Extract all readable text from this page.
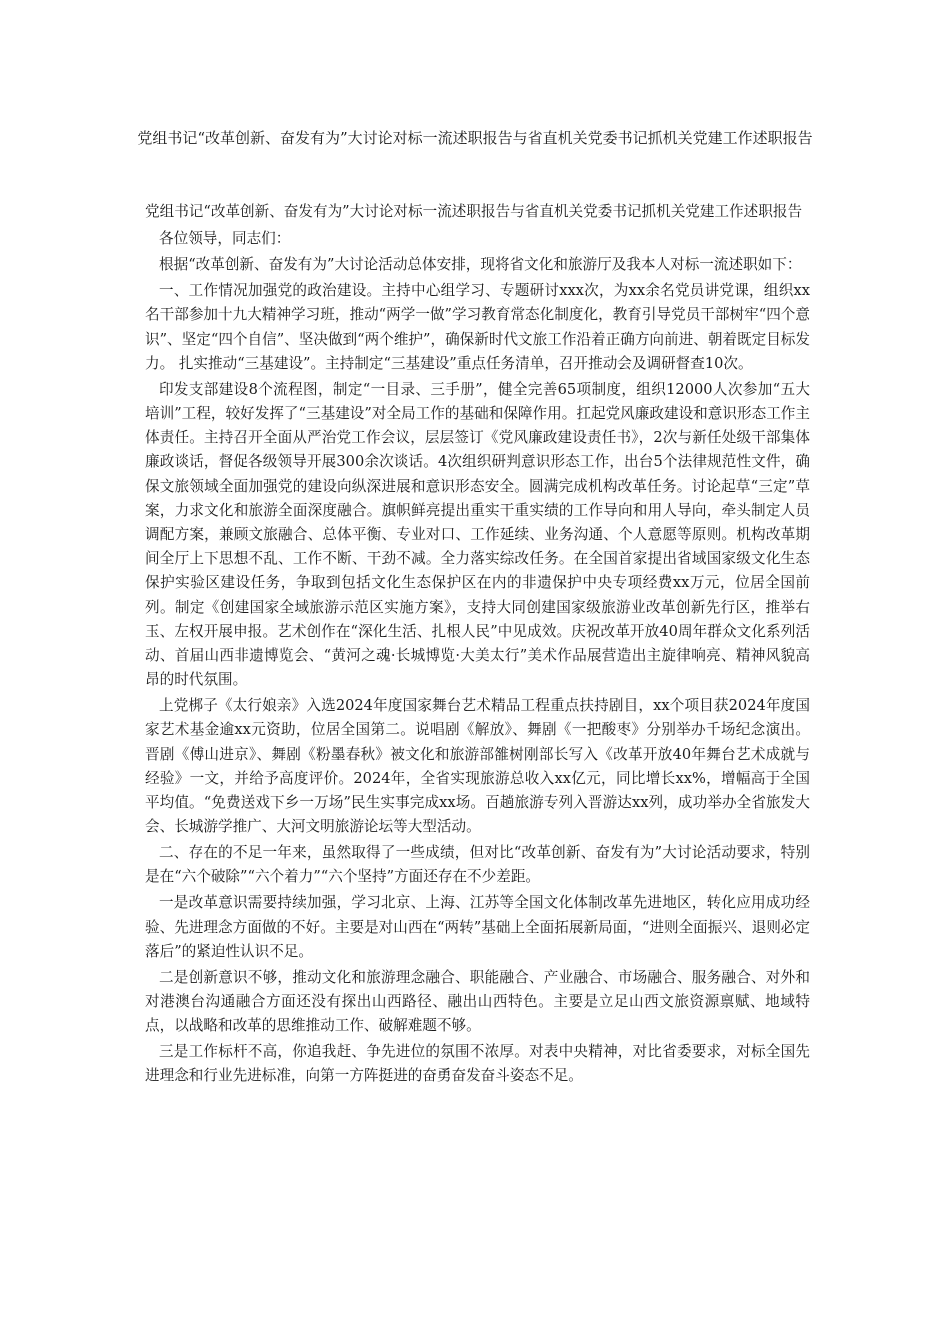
党组书记“改革创新、奋发有为”大讨论对标一流述职报告与省直机关党委书记抓机关党建工作述职报告

党组书记“改革创新、奋发有为”大讨论对标一流述职报告与省直机关党委书记抓机关党建工作述职报告

各位领导，同志们：

根据“改革创新、奋发有为”大讨论活动总体安排，现将省文化和旅游厅及我本人对标一流述职如下：

一、工作情况加强党的政治建设。主持中心组学习、专题研讨xxx次，为xx余名党员讲党课，组织xx名干部参加十九大精神学习班，推动“两学一做”学习教育常态化制度化，教育引导党员干部树牢“四个意识”、坚定“四个自信”、坚决做到“两个维护”，确保新时代文旅工作沿着正确方向前进、朝着既定目标发力。 扎实推动“三基建设”。主持制定“三基建设”重点任务清单，召开推动会及调研督查10次。

印发支部建设8个流程图，制定“一目录、三手册”，健全完善65项制度，组织12000人次参加“五大培训”工程，较好发挥了“三基建设”对全局工作的基础和保障作用。扛起党风廉政建设和意识形态工作主体责任。主持召开全面从严治党工作会议，层层签订《党风廉政建设责任书》，2次与新任处级干部集体廉政谈话，督促各级领导开展300余次谈话。4次组织研判意识形态工作，出台5个法律规范性文件，确保文旅领域全面加强党的建设向纵深进展和意识形态安全。圆满完成机构改革任务。讨论起草“三定”草案，力求文化和旅游全面深度融合。旗帜鲜亮提出重实干重实绩的工作导向和用人导向，牵头制定人员调配方案，兼顾文旅融合、总体平衡、专业对口、工作延续、业务沟通、个人意愿等原则。机构改革期间全厅上下思想不乱、工作不断、干劲不减。全力落实综改任务。在全国首家提出省域国家级文化生态保护实验区建设任务，争取到包括文化生态保护区在内的非遗保护中央专项经费xx万元，位居全国前列。制定《创建国家全域旅游示范区实施方案》，支持大同创建国家级旅游业改革创新先行区，推举右玉、左权开展申报。艺术创作在“深化生活、扎根人民”中见成效。庆祝改革开放40周年群众文化系列活动、首届山西非遗博览会、“黄河之魂·长城博览·大美太行”美术作品展营造出主旋律响亮、精神风貌高昂的时代氛围。

上党梆子《太行娘亲》入选2024年度国家舞台艺术精品工程重点扶持剧目，xx个项目获2024年度国家艺术基金逾xx元资助，位居全国第二。说唱剧《解放》、舞剧《一把酸枣》分别举办千场纪念演出。晋剧《傅山进京》、舞剧《粉墨春秋》被文化和旅游部雒树刚部长写入《改革开放40年舞台艺术成就与经验》一文，并给予高度评价。2024年，全省实现旅游总收入xx亿元，同比增长xx%，增幅高于全国平均值。“免费送戏下乡一万场”民生实事完成xx场。百趟旅游专列入晋游达xx列，成功举办全省旅发大会、长城游学推广、大河文明旅游论坛等大型活动。

二、存在的不足一年来，虽然取得了一些成绩，但对比“改革创新、奋发有为”大讨论活动要求，特别是在“六个破除”“六个着力”“六个坚持”方面还存在不少差距。

一是改革意识需要持续加强，学习北京、上海、江苏等全国文化体制改革先进地区，转化应用成功经验、先进理念方面做的不好。主要是对山西在“两转”基础上全面拓展新局面，“进则全面振兴、退则必定落后”的紧迫性认识不足。

二是创新意识不够，推动文化和旅游理念融合、职能融合、产业融合、市场融合、服务融合、对外和对港澳台沟通融合方面还没有探出山西路径、融出山西特色。主要是立足山西文旅资源禀赋、地域特点，以战略和改革的思维推动工作、破解难题不够。

三是工作标杆不高，你追我赶、争先进位的氛围不浓厚。对表中央精神，对比省委要求，对标全国先进理念和行业先进标准，向第一方阵挺进的奋勇奋发奋斗姿态不足。
